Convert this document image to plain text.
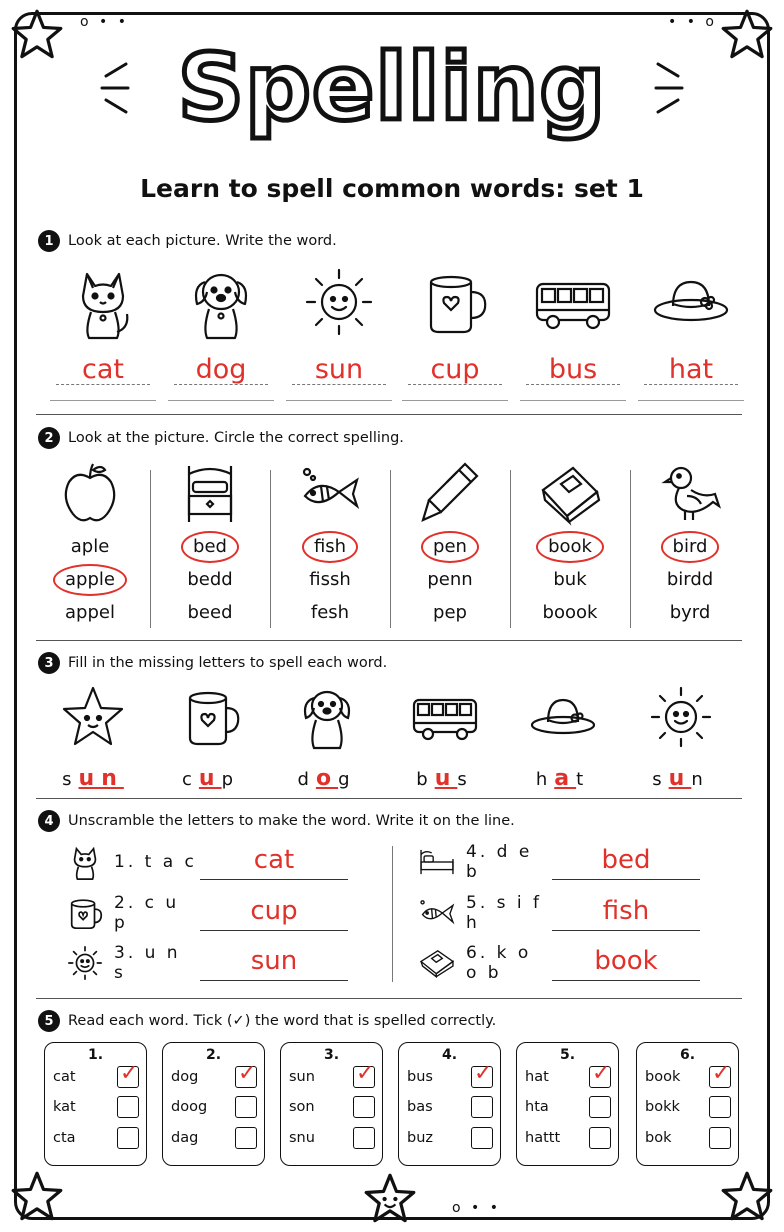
o • •	• • o
o • •
Spelling
Learn to spell common words: set 1
1 Look at each picture. Write the word.
cat	dog	sun	cup	bus	hat
2 Look at the picture. Circle the correct spelling.
aple
apple
appel
bed
bedd
beed
fish
fissh
fesh
pen
penn
pep
book
buk
boook
bird
birdd
byrd
3 Fill in the missing letters to spell each word.
sun	cup	dog	bus	hat	sun
4 Unscramble the letters to make the word. Write it on the line.
1. t a c	cat
2. c u p	cup
3. u n s	sun
4. d e b	bed
5. s i f h	fish
6. k o o b	book
5 Read each word. Tick (✓) the word that is spelled correctly.
1.
cat ✓
kat
cta
2.
dog ✓
doog
dag
3.
sun ✓
son
snu
4.
bus ✓
bas
buz
5.
hat ✓
hta
hattt
6.
book ✓
bokk
bok
